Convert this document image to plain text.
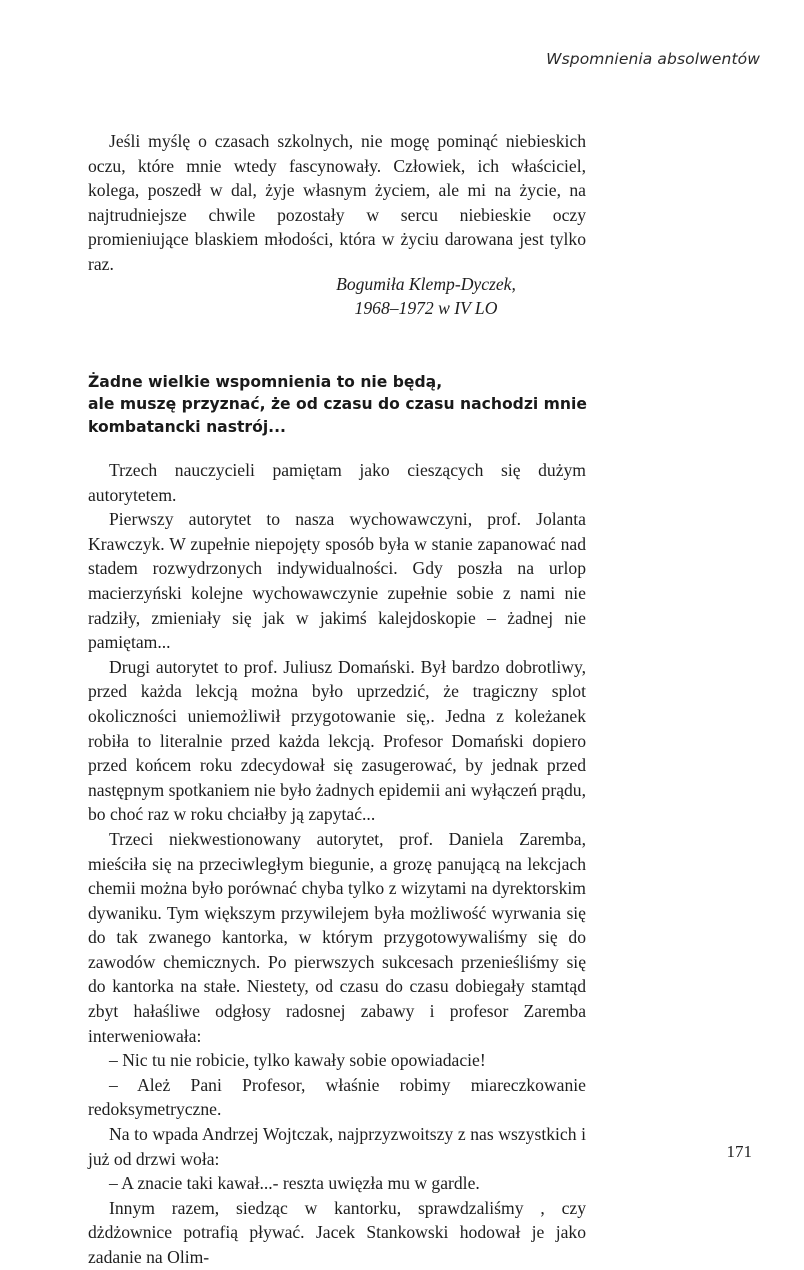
Wspomnienia absolwentów

Jeśli myślę o czasach szkolnych, nie mogę pominąć niebieskich oczu, które mnie wtedy fascynowały. Człowiek, ich właściciel, kolega, poszedł w dal, żyje własnym życiem, ale mi na życie, na najtrudniejsze chwile pozostały w sercu niebieskie oczy promieniujące blaskiem młodości, która w życiu darowana jest tylko raz.

Bogumiła Klemp-Dyczek,
1968–1972 w IV LO
Żadne wielkie wspomnienia to nie będą,
ale muszę przyznać, że od czasu do czasu nachodzi mnie
kombatancki nastrój...

Trzech nauczycieli pamiętam jako cieszących się dużym autorytetem.

Pierwszy autorytet to nasza wychowawczyni, prof. Jolanta Krawczyk. W zupełnie niepojęty sposób była w stanie zapanować nad stadem rozwydrzonych indywidualności. Gdy poszła na urlop macierzyński kolejne wychowawczynie zupełnie sobie z nami nie radziły, zmieniały się jak w jakimś kalejdoskopie – żadnej nie pamiętam...

Drugi autorytet to prof. Juliusz Domański. Był bardzo dobrotliwy, przed każda lekcją można było uprzedzić, że tragiczny splot okoliczności uniemożliwił przygotowanie się,. Jedna z koleżanek robiła to literalnie przed każda lekcją. Profesor Domański dopiero przed końcem roku zdecydował się zasugerować, by jednak przed następnym spotkaniem nie było żadnych epidemii ani wyłączeń prądu, bo choć raz w roku chciałby ją zapytać...

Trzeci niekwestionowany autorytet, prof. Daniela Zaremba, mieściła się na przeciwległym biegunie, a grozę panującą na lekcjach chemii można było porównać chyba tylko z wizytami na dyrektorskim dywaniku. Tym większym przywilejem była możliwość wyrwania się do tak zwanego kantorka, w którym przygotowywaliśmy się do zawodów chemicznych. Po pierwszych sukcesach przenieśliśmy się do kantorka na stałe. Niestety, od czasu do czasu dobiegały stamtąd zbyt hałaśliwe odgłosy radosnej zabawy i profesor Zaremba interweniowała:

– Nic tu nie robicie, tylko kawały sobie opowiadacie!

– Ależ Pani Profesor, właśnie robimy miareczkowanie redoksymetryczne.

Na to wpada Andrzej Wojtczak, najprzyzwoitszy z nas wszystkich i już od drzwi woła:

– A znacie taki kawał...- reszta uwięzła mu w gardle.

Innym razem, siedząc w kantorku, sprawdzaliśmy , czy dżdżownice potrafią pływać. Jacek Stankowski hodował je jako zadanie na Olim-

171
